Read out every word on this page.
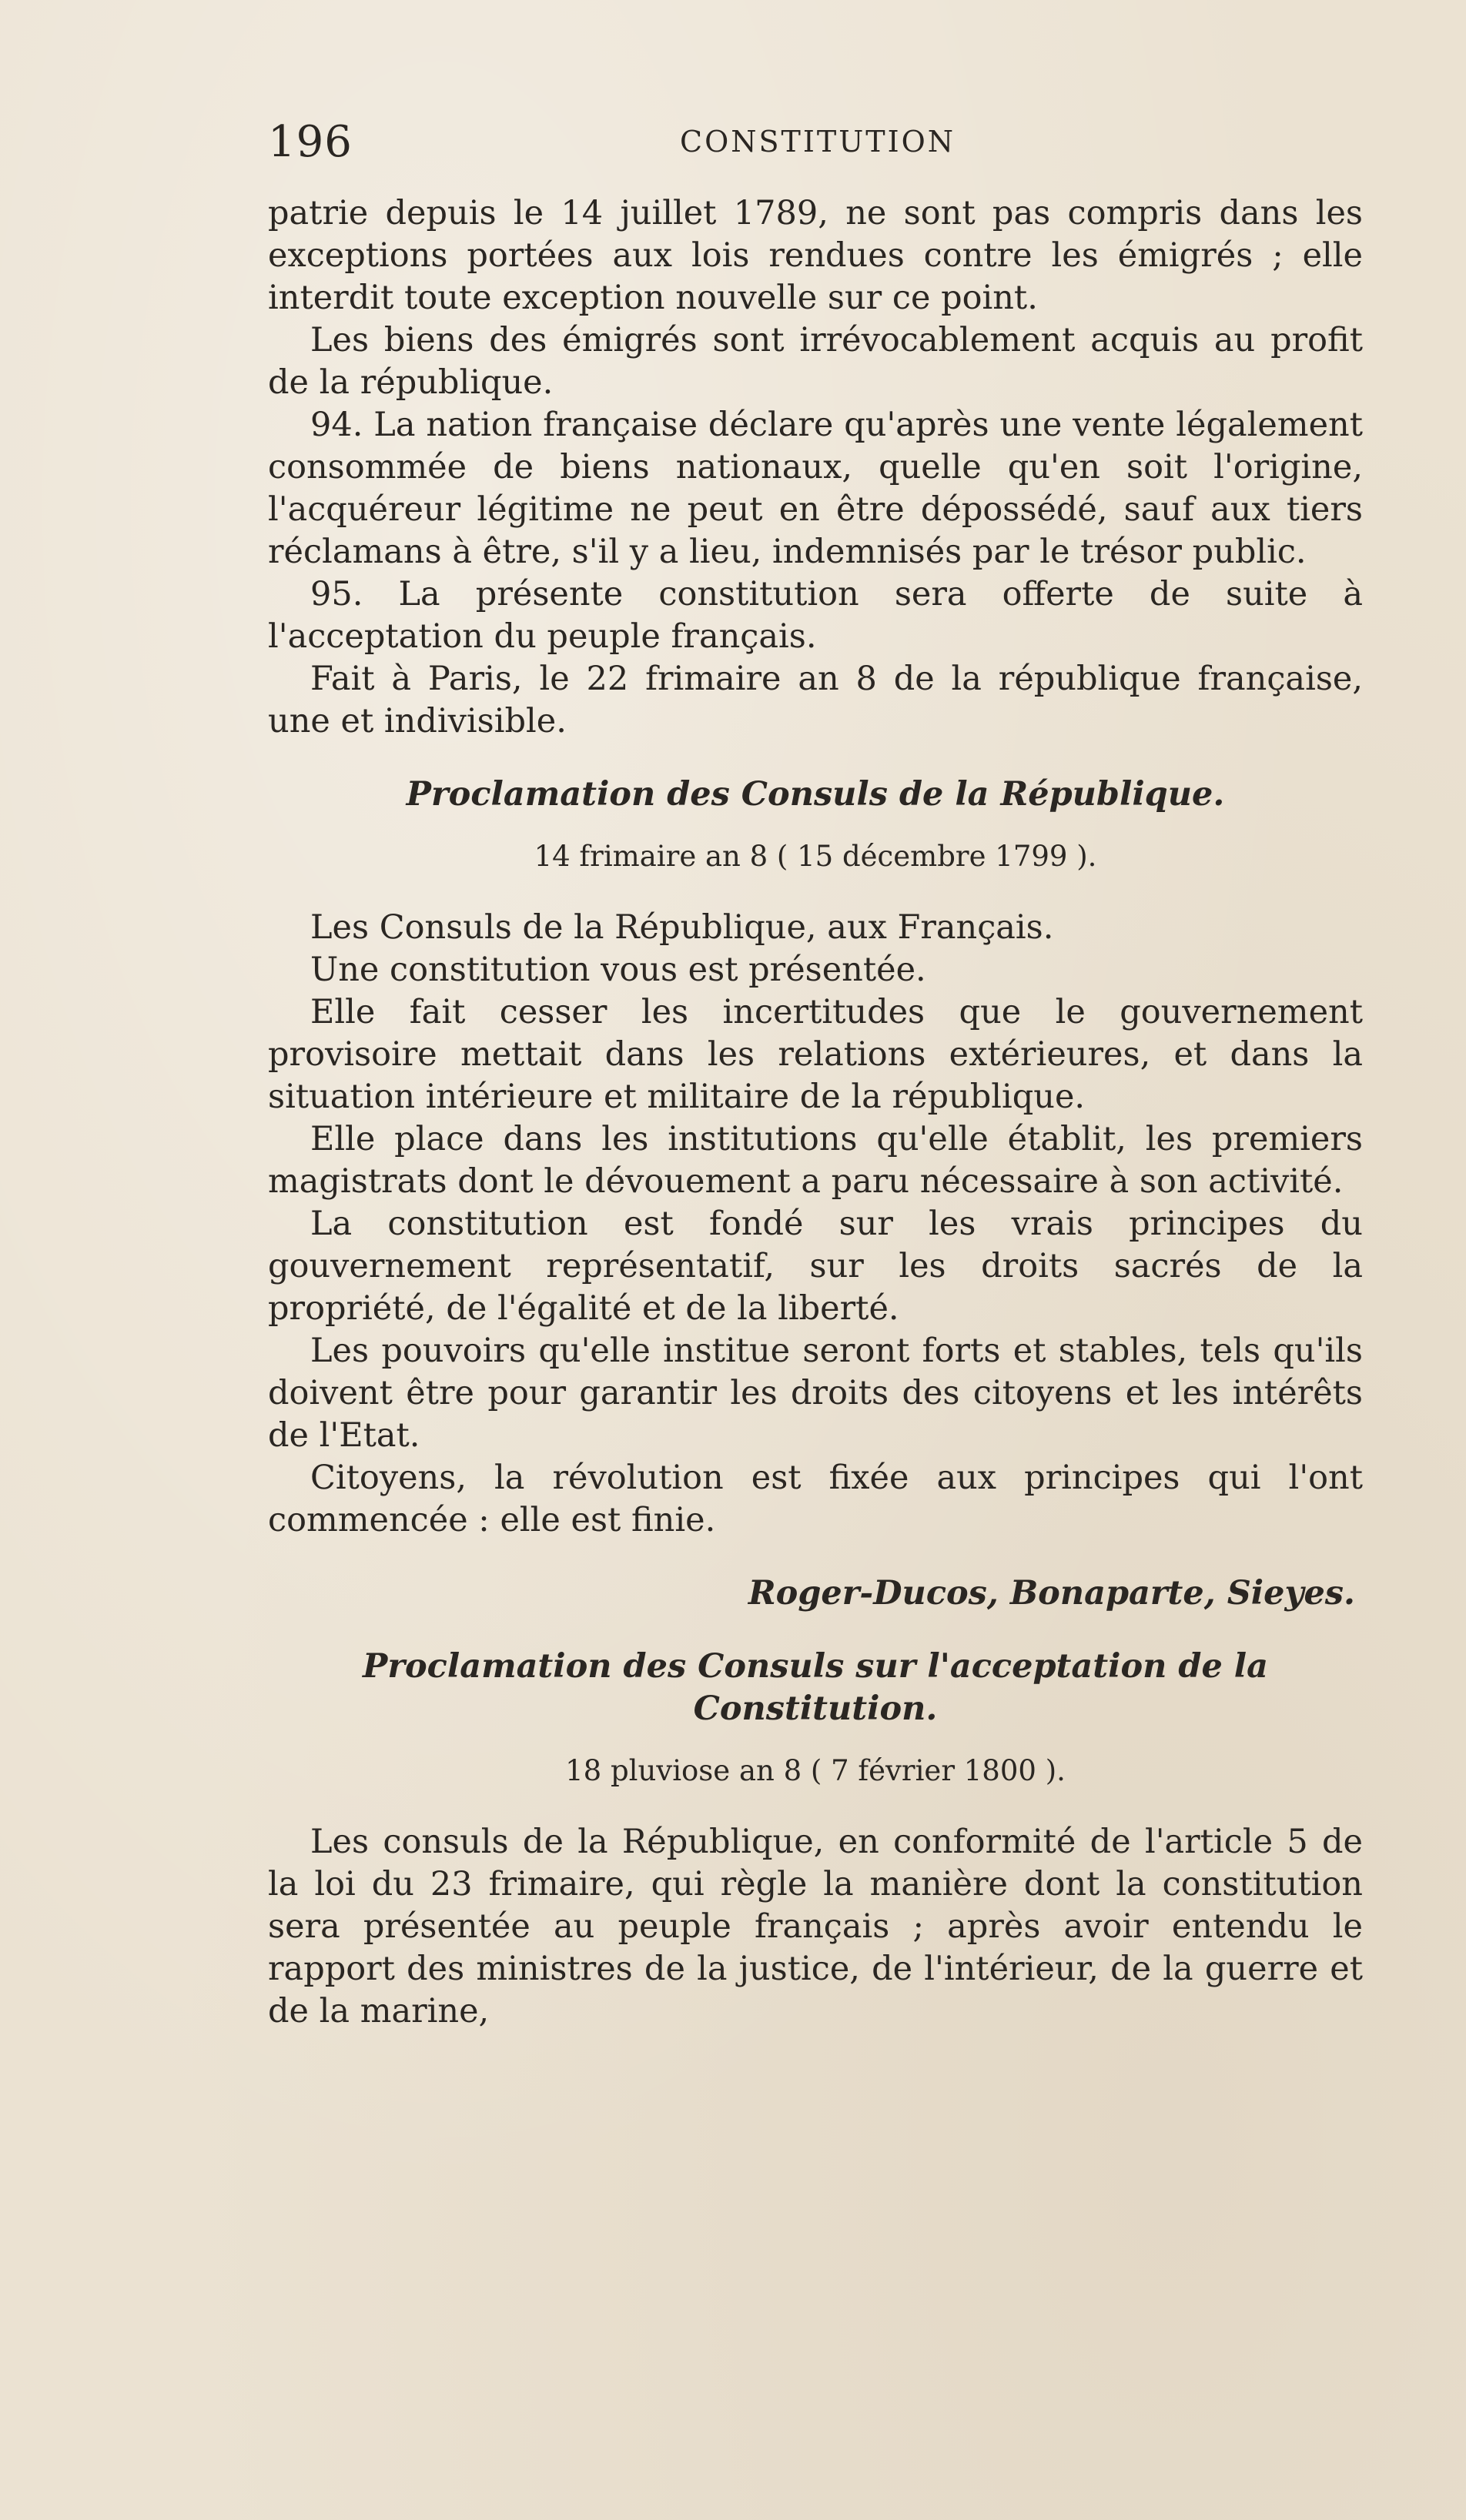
196	CONSTITUTION

patrie depuis le 14 juillet 1789, ne sont pas compris dans les exceptions portées aux lois rendues contre les émigrés ; elle interdit toute exception nouvelle sur ce point.

Les biens des émigrés sont irrévocablement acquis au profit de la république.

94. La nation française déclare qu'après une vente légalement consommée de biens nationaux, quelle qu'en soit l'origine, l'acquéreur légitime ne peut en être dépossédé, sauf aux tiers réclamans à être, s'il y a lieu, indemnisés par le trésor public.

95. La présente constitution sera offerte de suite à l'acceptation du peuple français.

Fait à Paris, le 22 frimaire an 8 de la république française, une et indivisible.

Proclamation des Consuls de la République.

14 frimaire an 8 ( 15 décembre 1799 ).

Les Consuls de la République, aux Français.

Une constitution vous est présentée.

Elle fait cesser les incertitudes que le gouvernement provisoire mettait dans les relations extérieures, et dans la situation intérieure et militaire de la république.

Elle place dans les institutions qu'elle établit, les premiers magistrats dont le dévouement a paru nécessaire à son activité.

La constitution est fondé sur les vrais principes du gouvernement représentatif, sur les droits sacrés de la propriété, de l'égalité et de la liberté.

Les pouvoirs qu'elle institue seront forts et stables, tels qu'ils doivent être pour garantir les droits des citoyens et les intérêts de l'Etat.

Citoyens, la révolution est fixée aux principes qui l'ont commencée : elle est finie.

Roger-Ducos, Bonaparte, Sieyes.

Proclamation des Consuls sur l'acceptation de la Constitution.

18 pluviose an 8 ( 7 février 1800 ).

Les consuls de la République, en conformité de l'article 5 de la loi du 23 frimaire, qui règle la manière dont la constitution sera présentée au peuple français ; après avoir entendu le rapport des ministres de la justice, de l'intérieur, de la guerre et de la marine,
